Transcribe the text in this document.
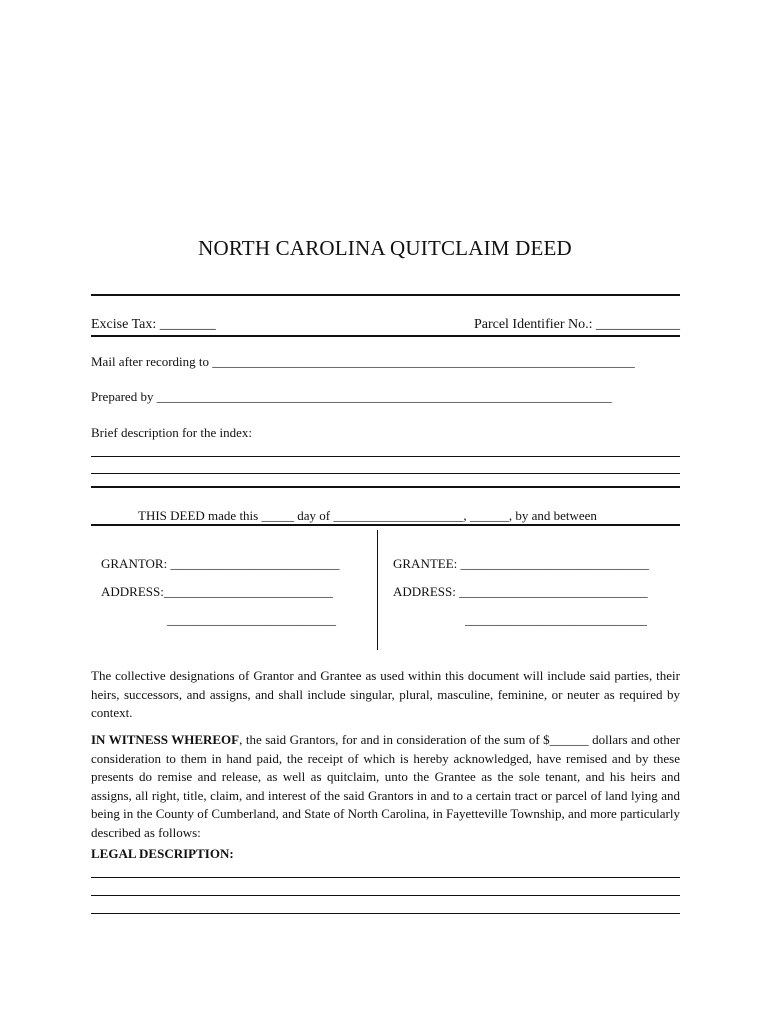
NORTH CAROLINA QUITCLAIM DEED
Excise Tax: ________	Parcel Identifier No.: ____________
Mail after recording to _________________________________________________________________
Prepared by ______________________________________________________________________
Brief description for the index:
THIS DEED made this _____ day of ____________________, ______, by and between
GRANTOR: __________________________
ADDRESS:__________________________
__________________________
GRANTEE: _____________________________
ADDRESS: _____________________________
____________________________
The collective designations of Grantor and Grantee as used within this document will include said parties, their heirs, successors, and assigns, and shall include singular, plural, masculine, feminine, or neuter as required by context.
IN WITNESS WHEREOF, the said Grantors, for and in consideration of the sum of $______ dollars and other consideration to them in hand paid, the receipt of which is hereby acknowledged, have remised and by these presents do remise and release, as well as quitclaim, unto the Grantee as the sole tenant, and his heirs and assigns, all right, title, claim, and interest of the said Grantors in and to a certain tract or parcel of land lying and being in the County of Cumberland, and State of North Carolina, in Fayetteville Township, and more particularly described as follows:
LEGAL DESCRIPTION:
